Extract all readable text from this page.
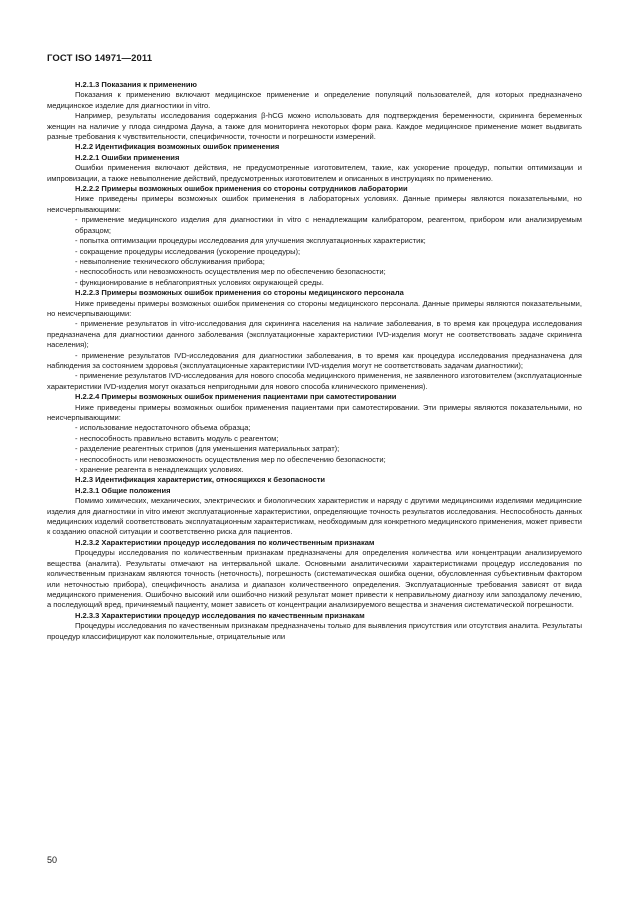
ГОСТ ISO 14971—2011

Н.2.1.3 Показания к применению

Показания к применению включают медицинское применение и определение популяций пользователей, для которых предназначено медицинское изделие для диагностики in vitro.

Например, результаты исследования содержания β-hCG можно использовать для подтверждения беременности, скрининга беременных женщин на наличие у плода синдрома Дауна, а также для мониторинга некоторых форм рака. Каждое медицинское применение может выдвигать разные требования к чувствительности, специфичности, точности и погрешности измерений.

Н.2.2 Идентификация возможных ошибок применения

Н.2.2.1 Ошибки применения

Ошибки применения включают действия, не предусмотренные изготовителем, такие, как ускорение процедур, попытки оптимизации и импровизации, а также невыполнение действий, предусмотренных изготовителем и описанных в инструкциях по применению.

Н.2.2.2 Примеры возможных ошибок применения со стороны сотрудников лаборатории

Ниже приведены примеры возможных ошибок применения в лабораторных условиях. Данные примеры являются показательными, но неисчерпывающими:

- применение медицинского изделия для диагностики in vitro с ненадлежащим калибратором, реагентом, прибором или анализируемым образцом;

- попытка оптимизации процедуры исследования для улучшения эксплуатационных характеристик;

- сокращение процедуры исследования (ускорение процедуры);

- невыполнение технического обслуживания прибора;

- неспособность или невозможность осуществления мер по обеспечению безопасности;

- функционирование в неблагоприятных условиях окружающей среды.

Н.2.2.3 Примеры возможных ошибок применения со стороны медицинского персонала

Ниже приведены примеры возможных ошибок применения со стороны медицинского персонала. Данные примеры являются показательными, но неисчерпывающими:

- применение результатов in vitro-исследования для скрининга населения на наличие заболевания, в то время как процедура исследования предназначена для диагностики данного заболевания (эксплуатационные характеристики IVD-изделия могут не соответствовать задаче скрининга населения);

- применение результатов IVD-исследования для диагностики заболевания, в то время как процедура исследования предназначена для наблюдения за состоянием здоровья (эксплуатационные характеристики IVD-изделия могут не соответствовать задачам диагностики);

- применение результатов IVD-исследования для нового способа медицинского применения, не заявленного изготовителем (эксплуатационные характеристики IVD-изделия могут оказаться непригодными для нового способа клинического применения).

Н.2.2.4 Примеры возможных ошибок применения пациентами при самотестировании

Ниже приведены примеры возможных ошибок применения пациентами при самотестировании. Эти примеры являются показательными, но неисчерпывающими:

- использование недостаточного объема образца;

- неспособность правильно вставить модуль с реагентом;

- разделение реагентных стрипов (для уменьшения материальных затрат);

- неспособность или невозможность осуществления мер по обеспечению безопасности;

- хранение реагента в ненадлежащих условиях.

Н.2.3 Идентификация характеристик, относящихся к безопасности

Н.2.3.1 Общие положения

Помимо химических, механических, электрических и биологических характеристик и наряду с другими медицинскими изделиями медицинские изделия для диагностики in vitro имеют эксплуатационные характеристики, определяющие точность результатов исследования. Неспособность данных медицинских изделий соответствовать эксплуатационным характеристикам, необходимым для конкретного медицинского применения, может привести к созданию опасной ситуации и соответственно риска для пациентов.

Н.2.3.2 Характеристики процедур исследования по количественным признакам

Процедуры исследования по количественным признакам предназначены для определения количества или концентрации анализируемого вещества (аналита). Результаты отмечают на интервальной шкале. Основными аналитическими характеристиками процедур исследования по количественным признакам являются точность (неточность), погрешность (систематическая ошибка оценки, обусловленная субъективным фактором или неточностью прибора), специфичность анализа и диапазон количественного определения. Эксплуатационные требования зависят от вида медицинского применения. Ошибочно высокий или ошибочно низкий результат может привести к неправильному диагнозу или запоздалому лечению, а последующий вред, причиняемый пациенту, может зависеть от концентрации анализируемого вещества и значения систематической погрешности.

Н.2.3.3 Характеристики процедур исследования по качественным признакам

Процедуры исследования по качественным признакам предназначены только для выявления присутствия или отсутствия аналита. Результаты процедур классифицируют как положительные, отрицательные или

50
